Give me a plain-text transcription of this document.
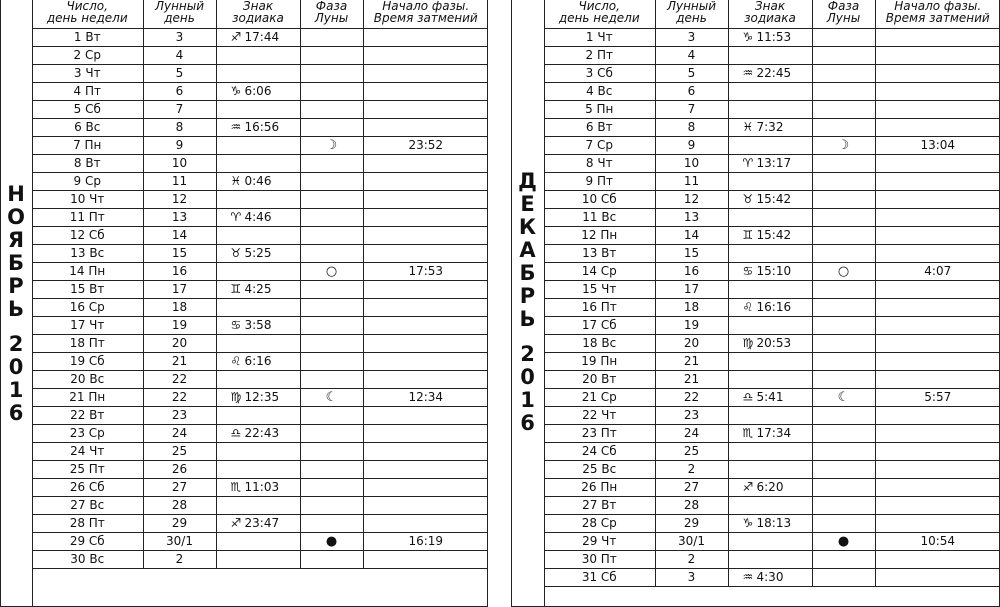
Н
О
Я
Б
Р
Ь
2
0
1
6
Число,
день недели	Лунный
день	Знак
зодиака	Фаза
Луны	Начало фазы.
Время затмений
1 Вт	3	♐ 17:44		
2 Ср	4			
3 Чт	5			
4 Пт	6	♑ 6:06		
5 Сб	7			
6 Вс	8	♒ 16:56		
7 Пн	9		☽	23:52
8 Вт	10			
9 Ср	11	♓ 0:46		
10 Чт	12			
11 Пт	13	♈ 4:46		
12 Сб	14			
13 Вс	15	♉ 5:25		
14 Пн	16		○	17:53
15 Вт	17	♊ 4:25		
16 Ср	18			
17 Чт	19	♋ 3:58		
18 Пт	20			
19 Сб	21	♌ 6:16		
20 Вс	22			
21 Пн	22	♍ 12:35	☾	12:34
22 Вт	23			
23 Ср	24	♎ 22:43		
24 Чт	25			
25 Пт	26			
26 Сб	27	♏ 11:03		
27 Вс	28			
28 Пт	29	♐ 23:47		
29 Сб	30/1		●	16:19
30 Вс	2			
Д
Е
К
А
Б
Р
Ь
2
0
1
6
Число,
день недели	Лунный
день	Знак
зодиака	Фаза
Луны	Начало фазы.
Время затмений
1 Чт	3	♑ 11:53		
2 Пт	4			
3 Сб	5	♒ 22:45		
4 Вс	6			
5 Пн	7			
6 Вт	8	♓ 7:32		
7 Ср	9		☽	13:04
8 Чт	10	♈ 13:17		
9 Пт	11			
10 Сб	12	♉ 15:42		
11 Вс	13			
12 Пн	14	♊ 15:42		
13 Вт	15			
14 Ср	16	♋ 15:10	○	4:07
15 Чт	17			
16 Пт	18	♌ 16:16		
17 Сб	19			
18 Вс	20	♍ 20:53		
19 Пн	21			
20 Вт	21			
21 Ср	22	♎ 5:41	☾	5:57
22 Чт	23			
23 Пт	24	♏ 17:34		
24 Сб	25			
25 Вс	2			
26 Пн	27	♐ 6:20		
27 Вт	28			
28 Ср	29	♑ 18:13		
29 Чт	30/1		●	10:54
30 Пт	2			
31 Сб	3	♒ 4:30		
